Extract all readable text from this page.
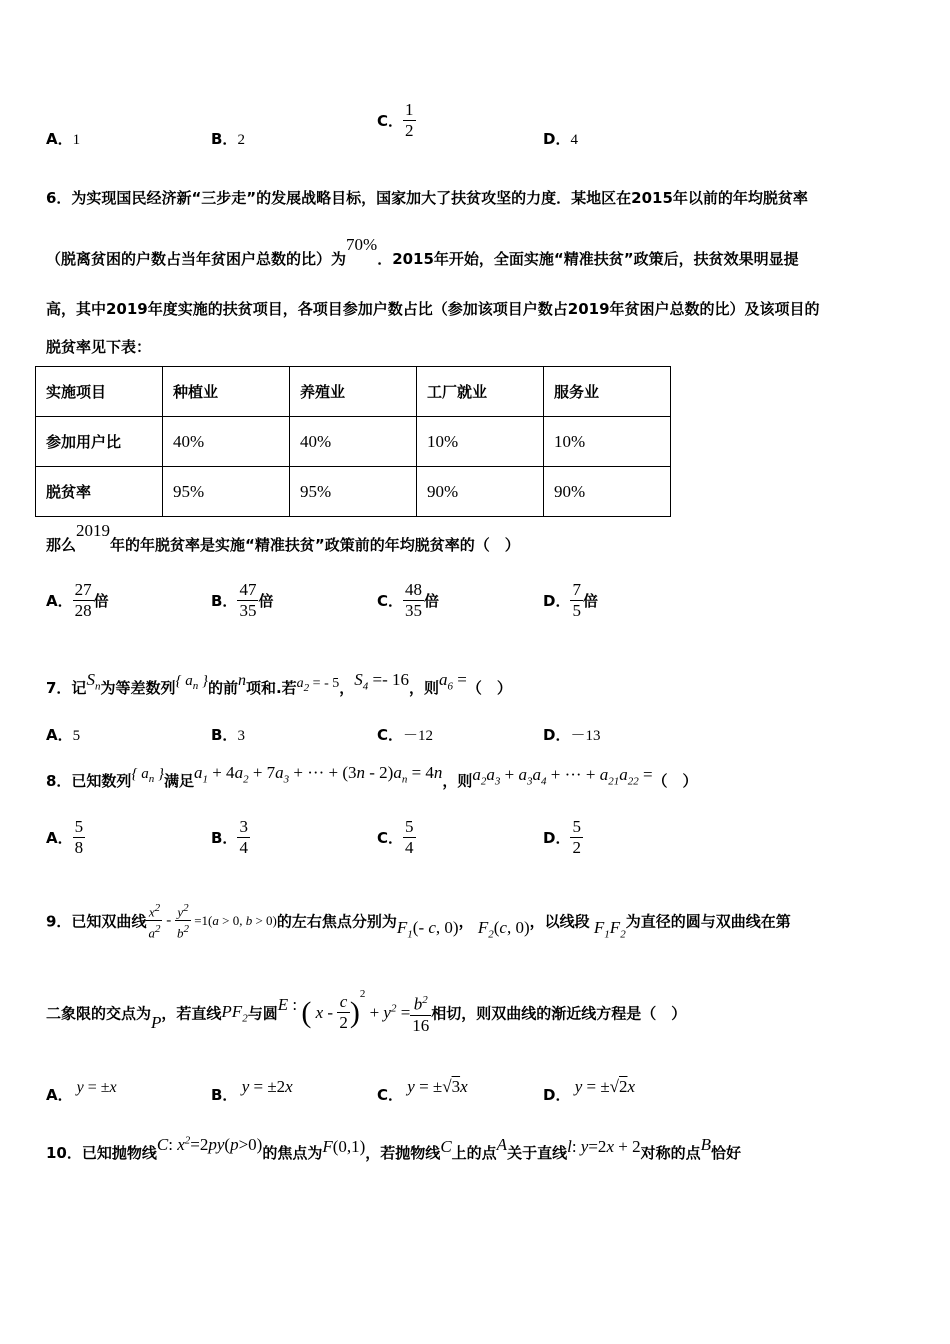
A．1	B．2
C． $\frac{1}{2}$	D．4
6．为实现国民经济新“三步走”的发展战略目标，国家加大了扶贫攻坚的力度．某地区在2015年以前的年均脱贫率
（脱离贫困的户数占当年贫困户总数的比）为70%．2015年开始，全面实施“精准扶贫”政策后，扶贫效果明显提
高，其中2019年度实施的扶贫项目，各项目参加户数占比（参加该项目户数占2019年贫困户总数的比）及该项目的
脱贫率见下表：
实施项目	种植业	养殖业	工厂就业	服务业
参加用户比	40%	40%	10%	10%
脱贫率	95%	95%	90%	90%
那么2019年的年脱贫率是实施“精准扶贫”政策前的年均脱贫率的（　）
A． $\frac{27}{28}$ 倍	B． $\frac{47}{35}$ 倍	C． $\frac{48}{35}$ 倍	D． $\frac{7}{5}$ 倍
7．记$S_n$为等差数列{ $a_n$ }的前n项和.若$a_2$ = - 5，$S_4 =- 16$，则$a_6$ =（　）
A．5	B．3	C．－12	D．－13
8．已知数列{ $a_n$ }满足$a_1 + 4a_2 + 7a_3$ + ··· + $(3n - 2)a_n = 4n$，则$a_2a_3 + a_3a_4$ + ··· + $a_{21}a_{22}$ =（　）
A． $\frac{5}{8}$	B． $\frac{3}{4}$	C． $\frac{5}{4}$	D． $\frac{5}{2}$
9．已知双曲线 $\frac{x^2}{a^2} - \frac{y^2}{b^2} =1(a > 0$, b > 0)的左右焦点分别为$F_1(-$ c, 0)， $F_2(c$, 0)，以线段 $F_1F_2$为直径的圆与双曲线在第
二象限的交点为P，若直线$PF_2$与圆E : ( $x - \frac{c}{2} )^2 + y^2 = \frac{b^2}{16}$ 相切，则双曲线的渐近线方程是（　）
A． y = ±x	B． y = ±2x	C． y = ±√3x	D． y = ±√2x
10．已知抛物线C: $x^2=2py(p>0)$的焦点为F(0,1)，若抛物线C上的点A关于直线l: y=2x + 2对称的点B恰好
